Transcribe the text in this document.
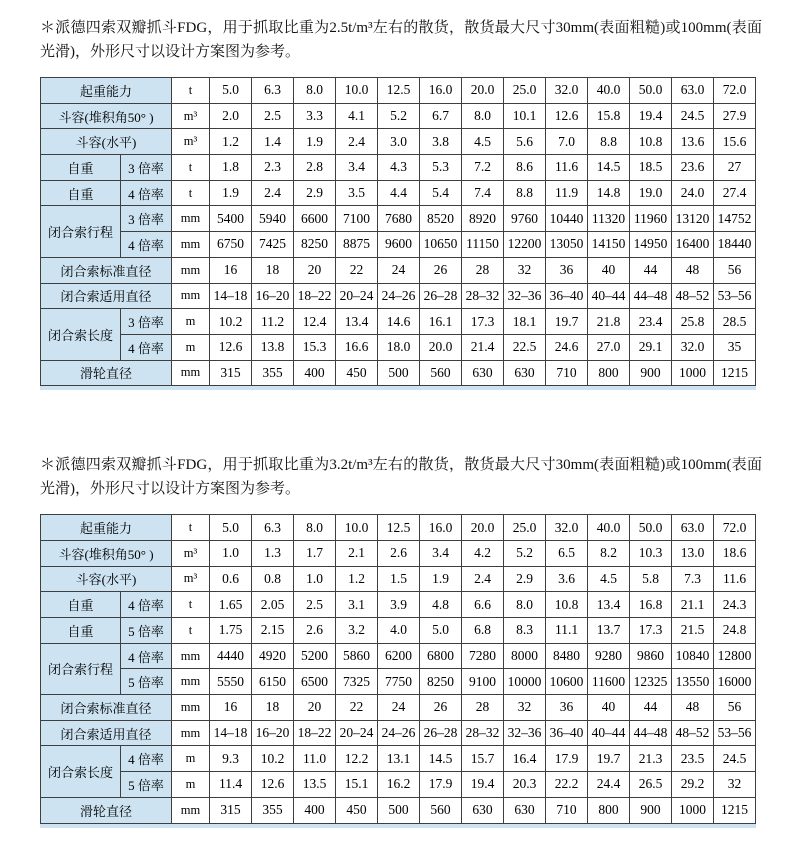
＊派德四索双瓣抓斗FDG，用于抓取比重为2.5t/m³左右的散货，散货最大尺寸30mm(表面粗糙)或100mm(表面光滑)，外形尺寸以设计方案图为参考。

起重能力		t	5.0	6.3	8.0	10.0	12.5	16.0	20.0	25.0	32.0	40.0	50.0	63.0	72.0
斗容(堆积角50° )		m³	2.0	2.5	3.3	4.1	5.2	6.7	8.0	10.1	12.6	15.8	19.4	24.5	27.9
斗容(水平)		m³	1.2	1.4	1.9	2.4	3.0	3.8	4.5	5.6	7.0	8.8	10.8	13.6	15.6
自重	3 倍率	t	1.8	2.3	2.8	3.4	4.3	5.3	7.2	8.6	11.6	14.5	18.5	23.6	27
自重	4 倍率	t	1.9	2.4	2.9	3.5	4.4	5.4	7.4	8.8	11.9	14.8	19.0	24.0	27.4
闭合索行程	3 倍率	mm	5400	5940	6600	7100	7680	8520	8920	9760	10440	11320	11960	13120	14752
	4 倍率	mm	6750	7425	8250	8875	9600	10650	11150	12200	13050	14150	14950	16400	18440
闭合索标准直径		mm	16	18	20	22	24	26	28	32	36	40	44	48	56
闭合索适用直径		mm	14–18	16–20	18–22	20–24	24–26	26–28	28–32	32–36	36–40	40–44	44–48	48–52	53–56
闭合索长度	3 倍率	m	10.2	11.2	12.4	13.4	14.6	16.1	17.3	18.1	19.7	21.8	23.4	25.8	28.5
	4 倍率	m	12.6	13.8	15.3	16.6	18.0	20.0	21.4	22.5	24.6	27.0	29.1	32.0	35
滑轮直径		mm	315	355	400	450	500	560	630	630	710	800	900	1000	1215

＊派德四索双瓣抓斗FDG，用于抓取比重为3.2t/m³左右的散货，散货最大尺寸30mm(表面粗糙)或100mm(表面光滑)，外形尺寸以设计方案图为参考。

起重能力		t	5.0	6.3	8.0	10.0	12.5	16.0	20.0	25.0	32.0	40.0	50.0	63.0	72.0
斗容(堆积角50° )		m³	1.0	1.3	1.7	2.1	2.6	3.4	4.2	5.2	6.5	8.2	10.3	13.0	18.6
斗容(水平)		m³	0.6	0.8	1.0	1.2	1.5	1.9	2.4	2.9	3.6	4.5	5.8	7.3	11.6
自重	4 倍率	t	1.65	2.05	2.5	3.1	3.9	4.8	6.6	8.0	10.8	13.4	16.8	21.1	24.3
自重	5 倍率	t	1.75	2.15	2.6	3.2	4.0	5.0	6.8	8.3	11.1	13.7	17.3	21.5	24.8
闭合索行程	4 倍率	mm	4440	4920	5200	5860	6200	6800	7280	8000	8480	9280	9860	10840	12800
	5 倍率	mm	5550	6150	6500	7325	7750	8250	9100	10000	10600	11600	12325	13550	16000
闭合索标准直径		mm	16	18	20	22	24	26	28	32	36	40	44	48	56
闭合索适用直径		mm	14–18	16–20	18–22	20–24	24–26	26–28	28–32	32–36	36–40	40–44	44–48	48–52	53–56
闭合索长度	4 倍率	m	9.3	10.2	11.0	12.2	13.1	14.5	15.7	16.4	17.9	19.7	21.3	23.5	24.5
	5 倍率	m	11.4	12.6	13.5	15.1	16.2	17.9	19.4	20.3	22.2	24.4	26.5	29.2	32
滑轮直径		mm	315	355	400	450	500	560	630	630	710	800	900	1000	1215
